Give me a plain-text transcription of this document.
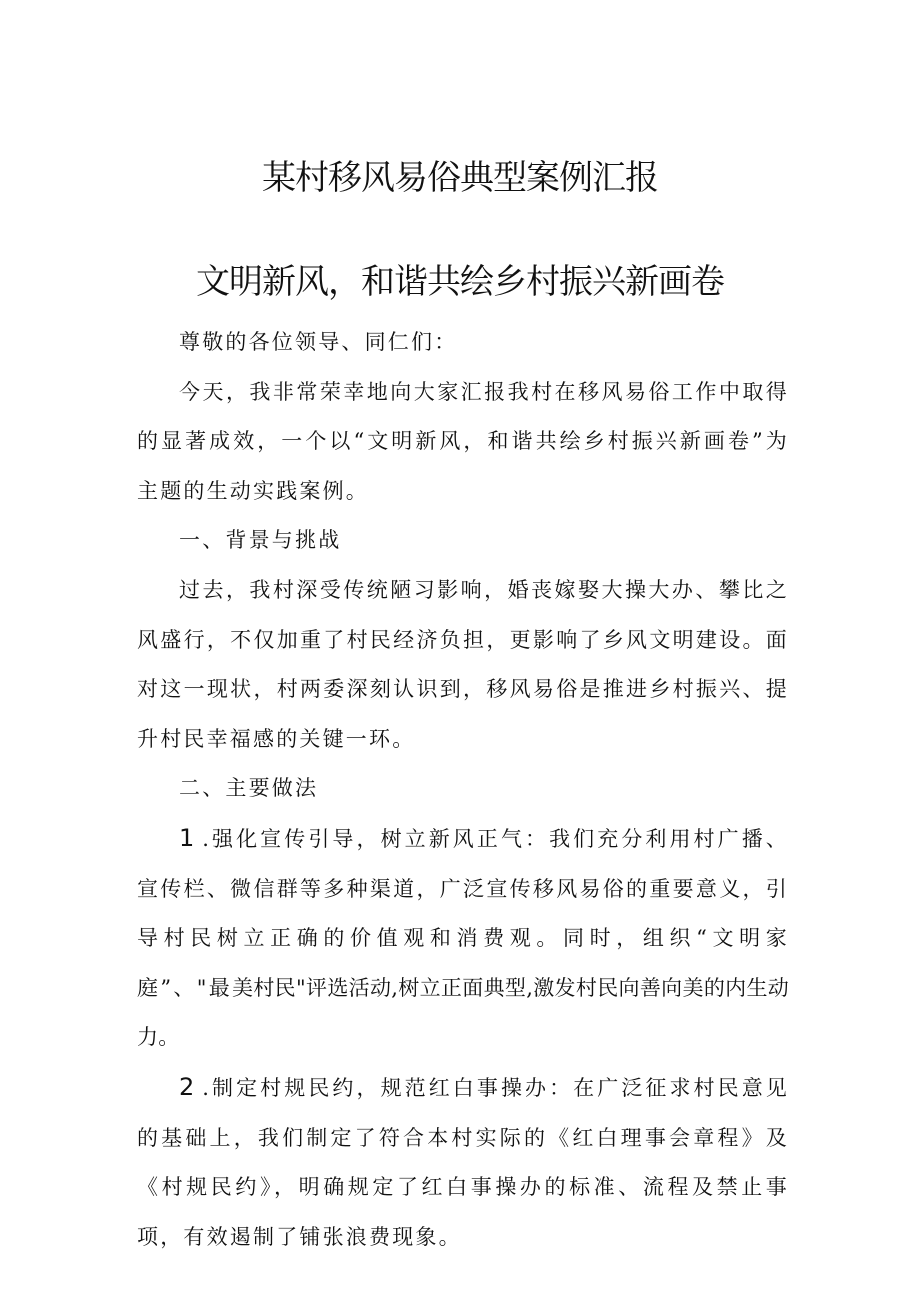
某村移风易俗典型案例汇报
文明新风，和谐共绘乡村振兴新画卷

尊敬的各位领导、同仁们：

今天，我非常荣幸地向大家汇报我村在移风易俗工作中取得的显著成效，一个以“文明新风，和谐共绘乡村振兴新画卷”为主题的生动实践案例。

一、背景与挑战

过去，我村深受传统陋习影响，婚丧嫁娶大操大办、攀比之风盛行，不仅加重了村民经济负担，更影响了乡风文明建设。面对这一现状，村两委深刻认识到，移风易俗是推进乡村振兴、提升村民幸福感的关键一环。

二、主要做法

1 .强化宣传引导，树立新风正气：我们充分利用村广播、宣传栏、微信群等多种渠道，广泛宣传移风易俗的重要意义，引导村民树立正确的价值观和消费观。同时，组织“文明家庭”、"最美村民"评选活动,树立正面典型,激发村民向善向美的内生动力。

2 .制定村规民约，规范红白事操办：在广泛征求村民意见的基础上，我们制定了符合本村实际的《红白理事会章程》及《村规民约》，明确规定了红白事操办的标准、流程及禁止事项，有效遏制了铺张浪费现象。
